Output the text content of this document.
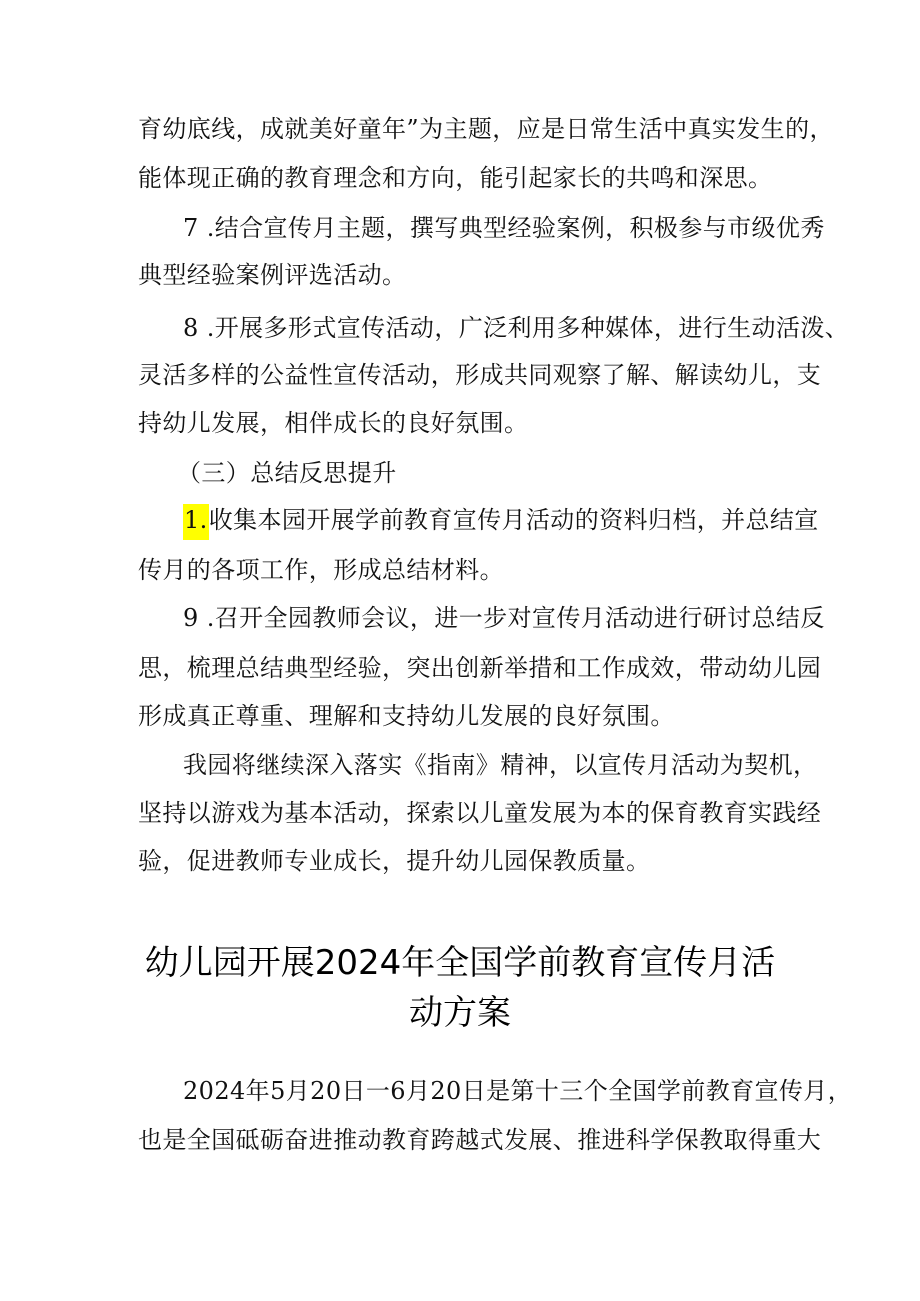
育幼底线，成就美好童年”为主题，应是日常生活中真实发生的，
能体现正确的教育理念和方向，能引起家长的共鸣和深思。
7 .结合宣传月主题，撰写典型经验案例，积极参与市级优秀
典型经验案例评选活动。
8 .开展多形式宣传活动，广泛利用多种媒体，进行生动活泼、
灵活多样的公益性宣传活动，形成共同观察了解、解读幼儿，支
持幼儿发展，相伴成长的良好氛围。
（三）总结反思提升
1.收集本园开展学前教育宣传月活动的资料归档，并总结宣
传月的各项工作，形成总结材料。
9 .召开全园教师会议，进一步对宣传月活动进行研讨总结反
思，梳理总结典型经验，突出创新举措和工作成效，带动幼儿园
形成真正尊重、理解和支持幼儿发展的良好氛围。
我园将继续深入落实《指南》精神，以宣传月活动为契机，
坚持以游戏为基本活动，探索以儿童发展为本的保育教育实践经
验，促进教师专业成长，提升幼儿园保教质量。
幼儿园开展2024年全国学前教育宣传月活
动方案
2024年5月20日一6月20日是第十三个全国学前教育宣传月，
也是全国砥砺奋进推动教育跨越式发展、推进科学保教取得重大
